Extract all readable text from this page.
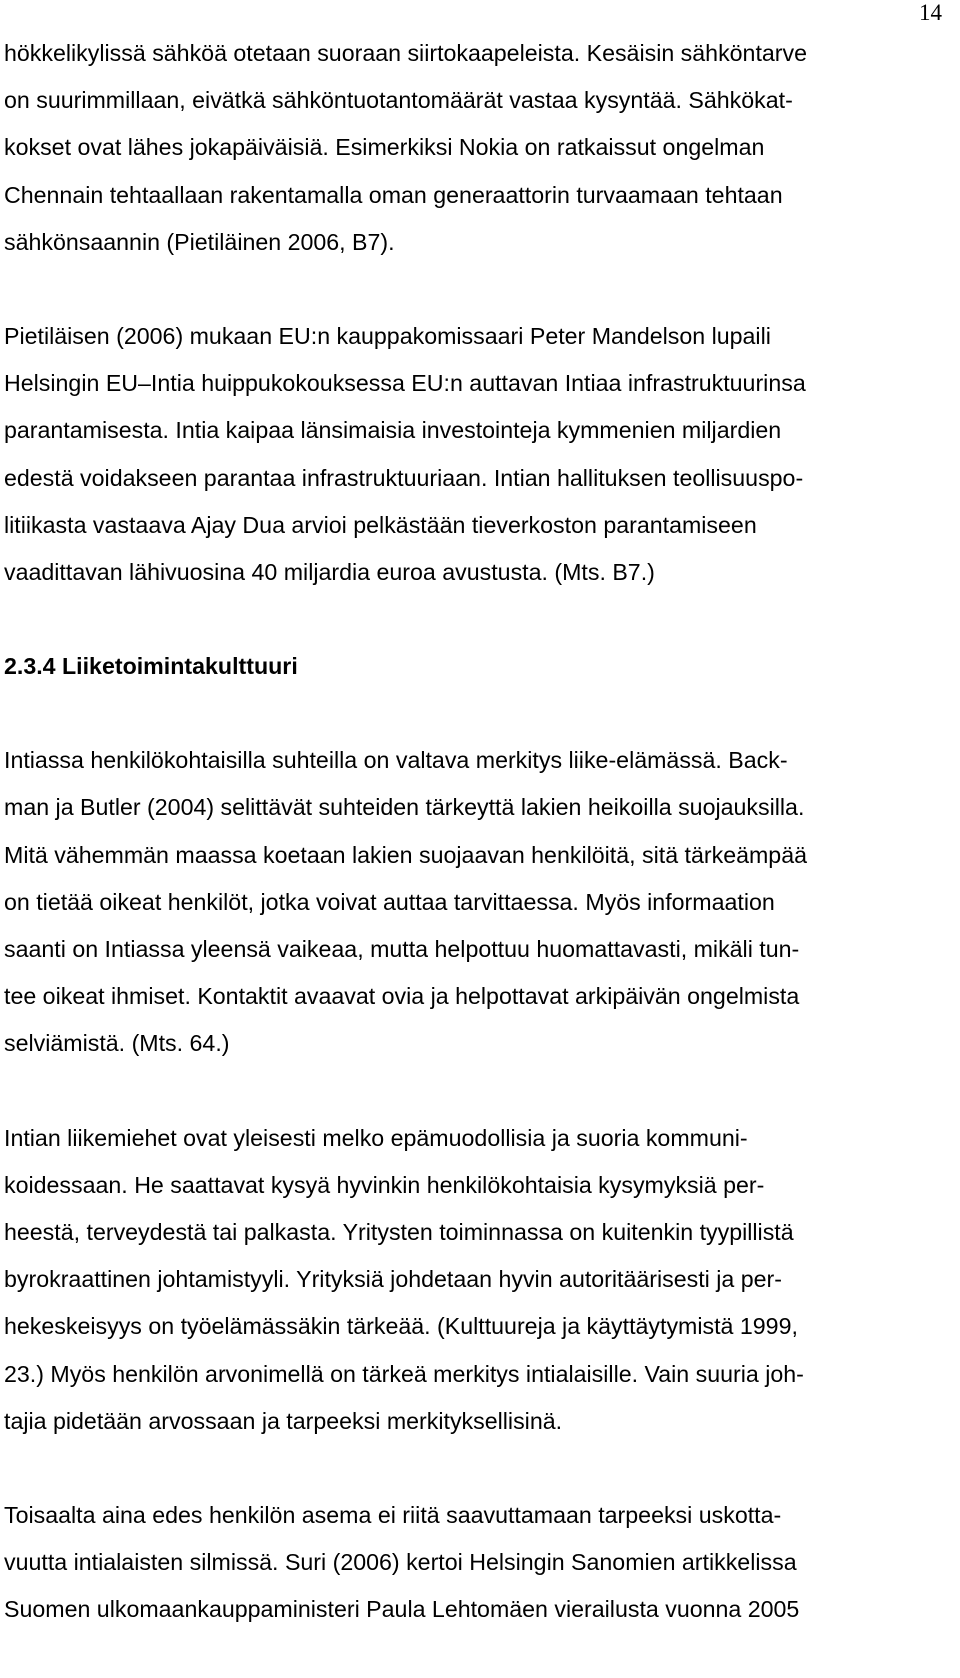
14
hökkelikylissä sähköä otetaan suoraan siirtokaapeleista. Kesäisin sähköntarve
on suurimmillaan, eivätkä sähköntuotantomäärät vastaa kysyntää. Sähkökat-
kokset ovat lähes jokapäiväisiä. Esimerkiksi Nokia on ratkaissut ongelman
Chennain tehtaallaan rakentamalla oman generaattorin turvaamaan tehtaan
sähkönsaannin (Pietiläinen 2006, B7).
Pietiläisen (2006) mukaan EU:n kauppakomissaari Peter Mandelson lupaili
Helsingin EU–Intia huippukokouksessa EU:n auttavan Intiaa infrastruktuurinsa
parantamisesta. Intia kaipaa länsimaisia investointeja kymmenien miljardien
edestä voidakseen parantaa infrastruktuuriaan. Intian hallituksen teollisuuspo-
litiikasta vastaava Ajay Dua arvioi pelkästään tieverkoston parantamiseen
vaadittavan lähivuosina 40 miljardia euroa avustusta. (Mts. B7.)
2.3.4 Liiketoimintakulttuuri
Intiassa henkilökohtaisilla suhteilla on valtava merkitys liike-elämässä. Back-
man ja Butler (2004) selittävät suhteiden tärkeyttä lakien heikoilla suojauksilla.
Mitä vähemmän maassa koetaan lakien suojaavan henkilöitä, sitä tärkeämpää
on tietää oikeat henkilöt, jotka voivat auttaa tarvittaessa. Myös informaation
saanti on Intiassa yleensä vaikeaa, mutta helpottuu huomattavasti, mikäli tun-
tee oikeat ihmiset. Kontaktit avaavat ovia ja helpottavat arkipäivän ongelmista
selviämistä. (Mts. 64.)
Intian liikemiehet ovat yleisesti melko epämuodollisia ja suoria kommuni-
koidessaan. He saattavat kysyä hyvinkin henkilökohtaisia kysymyksiä per-
heestä, terveydestä tai palkasta. Yritysten toiminnassa on kuitenkin tyypillistä
byrokraattinen johtamistyyli. Yrityksiä johdetaan hyvin autoritäärisesti ja per-
hekeskeisyys on työelämässäkin tärkeää. (Kulttuureja ja käyttäytymistä 1999,
23.) Myös henkilön arvonimellä on tärkeä merkitys intialaisille. Vain suuria joh-
tajia pidetään arvossaan ja tarpeeksi merkityksellisinä.
Toisaalta aina edes henkilön asema ei riitä saavuttamaan tarpeeksi uskotta-
vuutta intialaisten silmissä. Suri (2006) kertoi Helsingin Sanomien artikkelissa
Suomen ulkomaankauppaministeri Paula Lehtomäen vierailusta vuonna 2005
